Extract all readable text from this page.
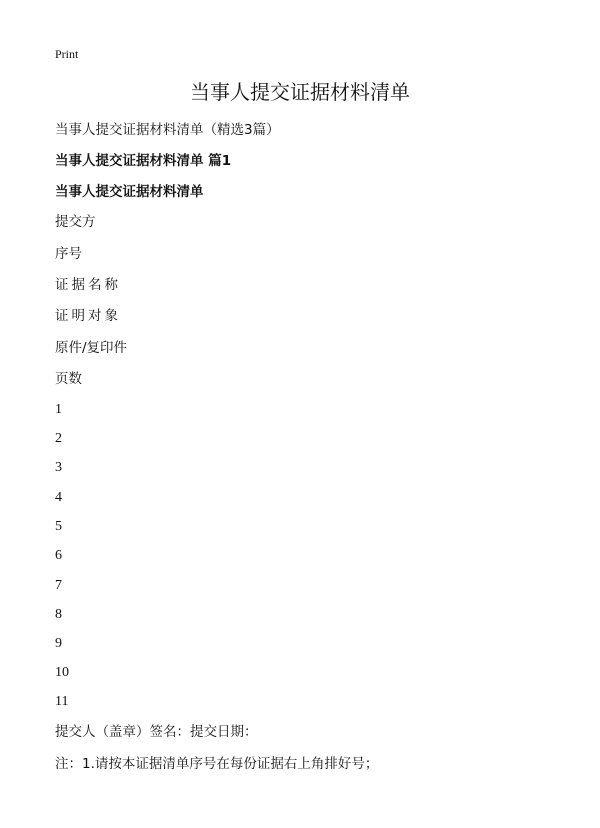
Print
当事人提交证据材料清单
当事人提交证据材料清单（精选3篇）
当事人提交证据材料清单 篇1
当事人提交证据材料清单
提交方
序号
证据名称
证明对象
原件/复印件
页数
1
2
3
4
5
6
7
8
9
10
11
提交人（盖章）签名：提交日期：
注：1.请按本证据清单序号在每份证据右上角排好号；
